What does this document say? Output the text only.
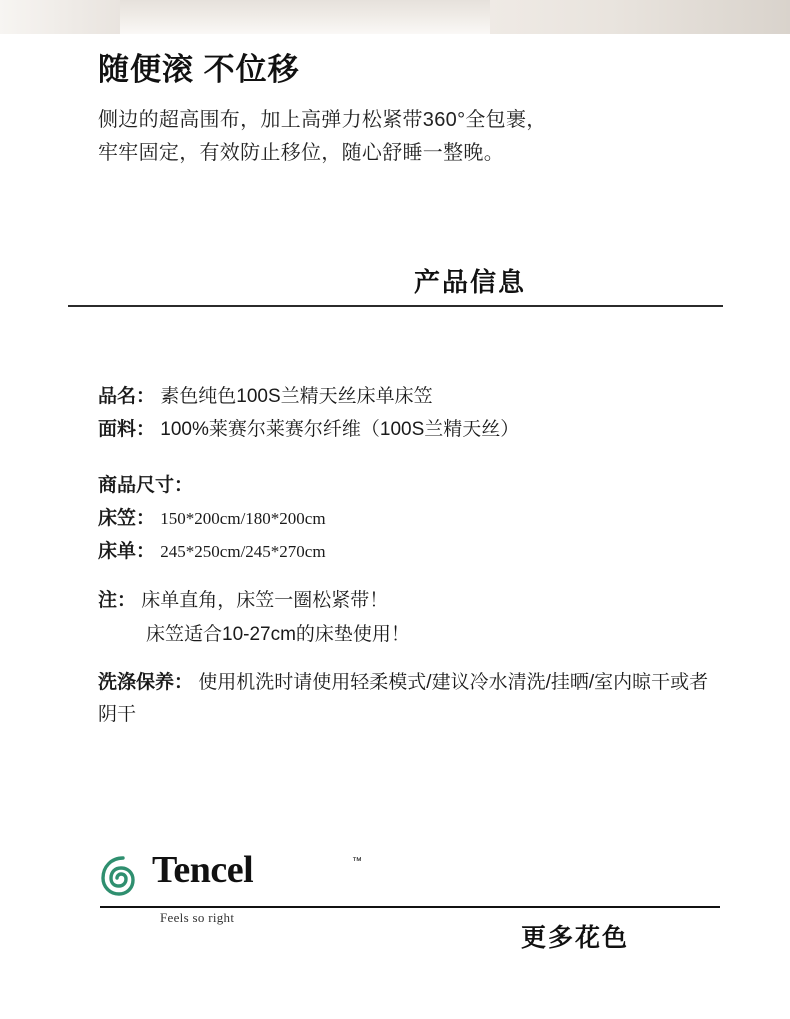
随便滚 不位移

侧边的超高围布，加上高弹力松紧带360°全包裹，

牢牢固定，有效防止移位，随心舒睡一整晚。

产品信息
品名： 素色纯色100S兰精天丝床单床笠
面料： 100%莱赛尔莱赛尔纤维（100S兰精天丝）
商品尺寸：
床笠： 150*200cm/180*200cm
床单： 245*250cm/245*270cm
注： 床单直角，床笠一圈松紧带！
床笠适合10-27cm的床垫使用！
洗涤保养： 使用机洗时请使用轻柔模式/建议冷水清洗/挂晒/室内晾干或者阴干
Tencel	™
Feels so right
更多花色
